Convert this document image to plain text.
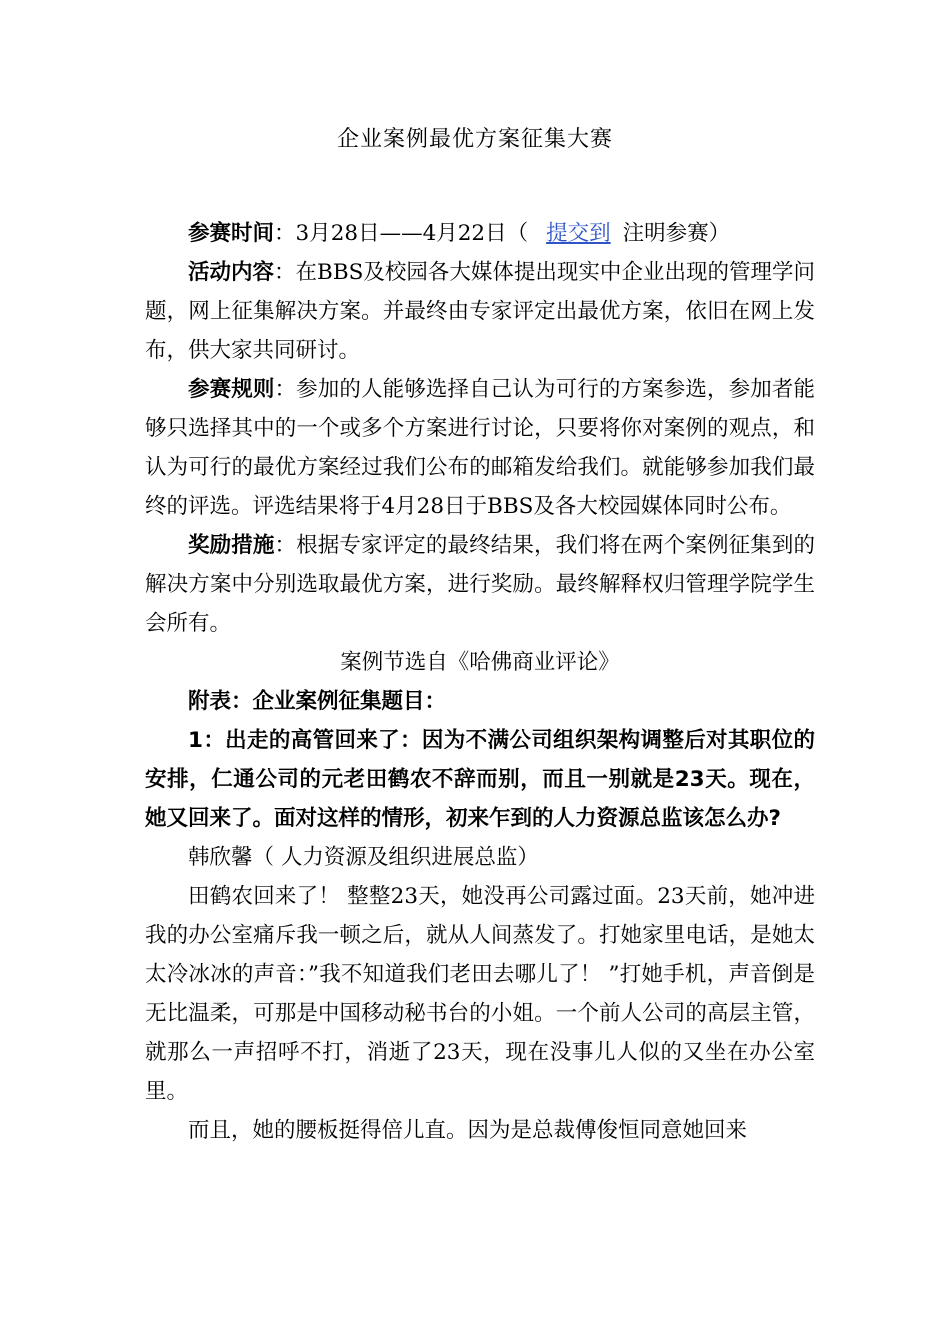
企业案例最优方案征集大赛

参赛时间：3月28日——4月22日（ 提交到 注明参赛）

活动内容：在BBS及校园各大媒体提出现实中企业出现的管理学问题，网上征集解决方案。并最终由专家评定出最优方案，依旧在网上发布，供大家共同研讨。

参赛规则：参加的人能够选择自己认为可行的方案参选，参加者能够只选择其中的一个或多个方案进行讨论，只要将你对案例的观点，和认为可行的最优方案经过我们公布的邮箱发给我们。就能够参加我们最终的评选。评选结果将于4月28日于BBS及各大校园媒体同时公布。

奖励措施：根据专家评定的最终结果，我们将在两个案例征集到的解决方案中分别选取最优方案，进行奖励。最终解释权归管理学院学生会所有。

案例节选自《哈佛商业评论》

附表：企业案例征集题目：

1：出走的高管回来了：因为不满公司组织架构调整后对其职位的安排，仁通公司的元老田鹤农不辞而别，而且一别就是23天。现在，她又回来了。面对这样的情形，初来乍到的人力资源总监该怎么办?

韩欣馨（ 人力资源及组织进展总监）

田鹤农回来了！ 整整23天，她没再公司露过面。23天前，她冲进我的办公室痛斥我一顿之后，就从人间蒸发了。打她家里电话，是她太太冷冰冰的声音：”我不知道我们老田去哪儿了！ ”打她手机，声音倒是无比温柔，可那是中国移动秘书台的小姐。一个前人公司的高层主管，就那么一声招呼不打，消逝了23天，现在没事儿人似的又坐在办公室里。

而且，她的腰板挺得倍儿直。因为是总裁傅俊恒同意她回来
